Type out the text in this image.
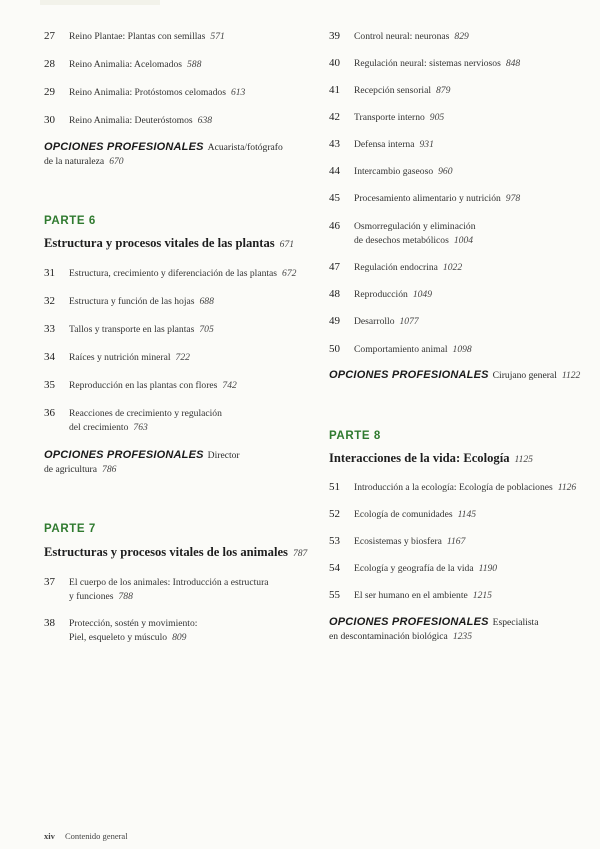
27 Reino Plantae: Plantas con semillas 571
28 Reino Animalia: Acelomados 588
29 Reino Animalia: Protóstomos celomados 613
30 Reino Animalia: Deuteróstomos 638
OPCIONES PROFESIONALES Acuarista/fotógrafo
de la naturaleza 670
PARTE 6
Estructura y procesos vitales de las plantas 671
31 Estructura, crecimiento y diferenciación de las plantas 672
32 Estructura y función de las hojas 688
33 Tallos y transporte en las plantas 705
34 Raíces y nutrición mineral 722
35 Reproducción en las plantas con flores 742
36 Reacciones de crecimiento y regulación
del crecimiento 763
OPCIONES PROFESIONALES Director
de agricultura 786
PARTE 7
Estructuras y procesos vitales de los animales 787
37 El cuerpo de los animales: Introducción a estructura
y funciones 788
38 Protección, sostén y movimiento:
Piel, esqueleto y músculo 809
39 Control neural: neuronas 829
40 Regulación neural: sistemas nerviosos 848
41 Recepción sensorial 879
42 Transporte interno 905
43 Defensa interna 931
44 Intercambio gaseoso 960
45 Procesamiento alimentario y nutrición 978
46 Osmorregulación y eliminación
de desechos metabólicos 1004
47 Regulación endocrina 1022
48 Reproducción 1049
49 Desarrollo 1077
50 Comportamiento animal 1098
OPCIONES PROFESIONALES Cirujano general 1122
PARTE 8
Interacciones de la vida: Ecología 1125
51 Introducción a la ecología: Ecología de poblaciones 1126
52 Ecología de comunidades 1145
53 Ecosistemas y biosfera 1167
54 Ecología y geografía de la vida 1190
55 El ser humano en el ambiente 1215
OPCIONES PROFESIONALES Especialista
en descontaminación biológica 1235
xiv Contenido general
